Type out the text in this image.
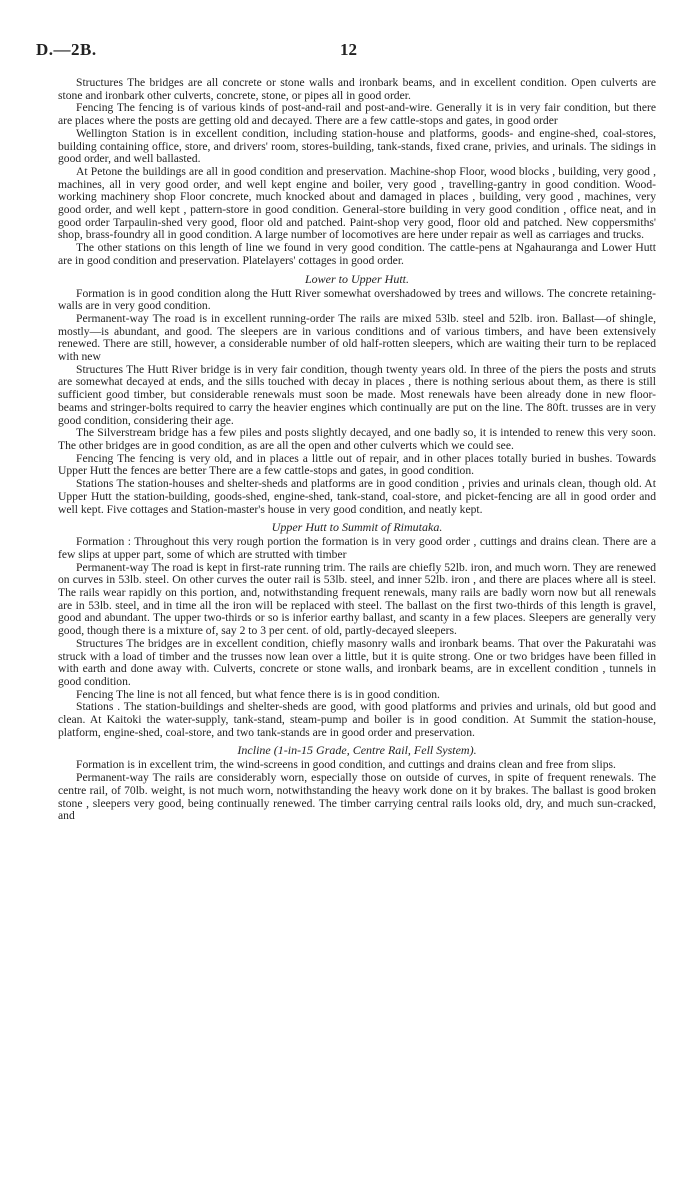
D.—2B.	12

Structures The bridges are all concrete or stone walls and ironbark beams, and in excellent condition. Open culverts are stone and ironbark other culverts, concrete, stone, or pipes all in good order.

Fencing The fencing is of various kinds of post-and-rail and post-and-wire. Generally it is in very fair condition, but there are places where the posts are getting old and decayed. There are a few cattle-stops and gates, in good order

Wellington Station is in excellent condition, including station-house and platforms, goods- and engine-shed, coal-stores, building containing office, store, and drivers' room, stores-building, tank-stands, fixed crane, privies, and urinals. The sidings in good order, and well ballasted.

At Petone the buildings are all in good condition and preservation. Machine-shop Floor, wood blocks , building, very good , machines, all in very good order, and well kept engine and boiler, very good , travelling-gantry in good condition. Wood-working machinery shop Floor concrete, much knocked about and damaged in places , building, very good , machines, very good order, and well kept , pattern-store in good condition. General-store building in very good condition , office neat, and in good order Tarpaulin-shed very good, floor old and patched. Paint-shop very good, floor old and patched. New coppersmiths' shop, brass-foundry all in good condition. A large number of locomotives are here under repair as well as carriages and trucks.

The other stations on this length of line we found in very good condition. The cattle-pens at Ngahauranga and Lower Hutt are in good condition and preservation. Platelayers' cottages in good order.

Lower to Upper Hutt.

Formation is in good condition along the Hutt River somewhat overshadowed by trees and willows. The concrete retaining-walls are in very good condition.

Permanent-way The road is in excellent running-order The rails are mixed 53lb. steel and 52lb. iron. Ballast—of shingle, mostly—is abundant, and good. The sleepers are in various conditions and of various timbers, and have been extensively renewed. There are still, however, a considerable number of old half-rotten sleepers, which are waiting their turn to be replaced with new

Structures The Hutt River bridge is in very fair condition, though twenty years old. In three of the piers the posts and struts are somewhat decayed at ends, and the sills touched with decay in places , there is nothing serious about them, as there is still sufficient good timber, but considerable renewals must soon be made. Most renewals have been already done in new floor-beams and stringer-bolts required to carry the heavier engines which continually are put on the line. The 80ft. trusses are in very good condition, considering their age.

The Silverstream bridge has a few piles and posts slightly decayed, and one badly so, it is intended to renew this very soon. The other bridges are in good condition, as are all the open and other culverts which we could see.

Fencing The fencing is very old, and in places a little out of repair, and in other places totally buried in bushes. Towards Upper Hutt the fences are better There are a few cattle-stops and gates, in good condition.

Stations The station-houses and shelter-sheds and platforms are in good condition , privies and urinals clean, though old. At Upper Hutt the station-building, goods-shed, engine-shed, tank-stand, coal-store, and picket-fencing are all in good order and well kept. Five cottages and Station-master's house in very good condition, and neatly kept.

Upper Hutt to Summit of Rimutaka.

Formation : Throughout this very rough portion the formation is in very good order , cuttings and drains clean. There are a few slips at upper part, some of which are strutted with timber

Permanent-way The road is kept in first-rate running trim. The rails are chiefly 52lb. iron, and much worn. They are renewed on curves in 53lb. steel. On other curves the outer rail is 53lb. steel, and inner 52lb. iron , and there are places where all is steel. The rails wear rapidly on this portion, and, notwithstanding frequent renewals, many rails are badly worn now but all renewals are in 53lb. steel, and in time all the iron will be replaced with steel. The ballast on the first two-thirds of this length is gravel, good and abundant. The upper two-thirds or so is inferior earthy ballast, and scanty in a few places. Sleepers are generally very good, though there is a mixture of, say 2 to 3 per cent. of old, partly-decayed sleepers.

Structures The bridges are in excellent condition, chiefly masonry walls and ironbark beams. That over the Pakuratahi was struck with a load of timber and the trusses now lean over a little, but it is quite strong. One or two bridges have been filled in with earth and done away with. Culverts, concrete or stone walls, and ironbark beams, are in excellent condition , tunnels in good condition.

Fencing The line is not all fenced, but what fence there is is in good condition.

Stations . The station-buildings and shelter-sheds are good, with good platforms and privies and urinals, old but good and clean. At Kaitoki the water-supply, tank-stand, steam-pump and boiler is in good condition. At Summit the station-house, platform, engine-shed, coal-store, and two tank-stands are in good order and preservation.

Incline (1-in-15 Grade, Centre Rail, Fell System).

Formation is in excellent trim, the wind-screens in good condition, and cuttings and drains clean and free from slips.

Permanent-way The rails are considerably worn, especially those on outside of curves, in spite of frequent renewals. The centre rail, of 70lb. weight, is not much worn, notwithstanding the heavy work done on it by brakes. The ballast is good broken stone , sleepers very good, being continually renewed. The timber carrying central rails looks old, dry, and much sun-cracked, and
